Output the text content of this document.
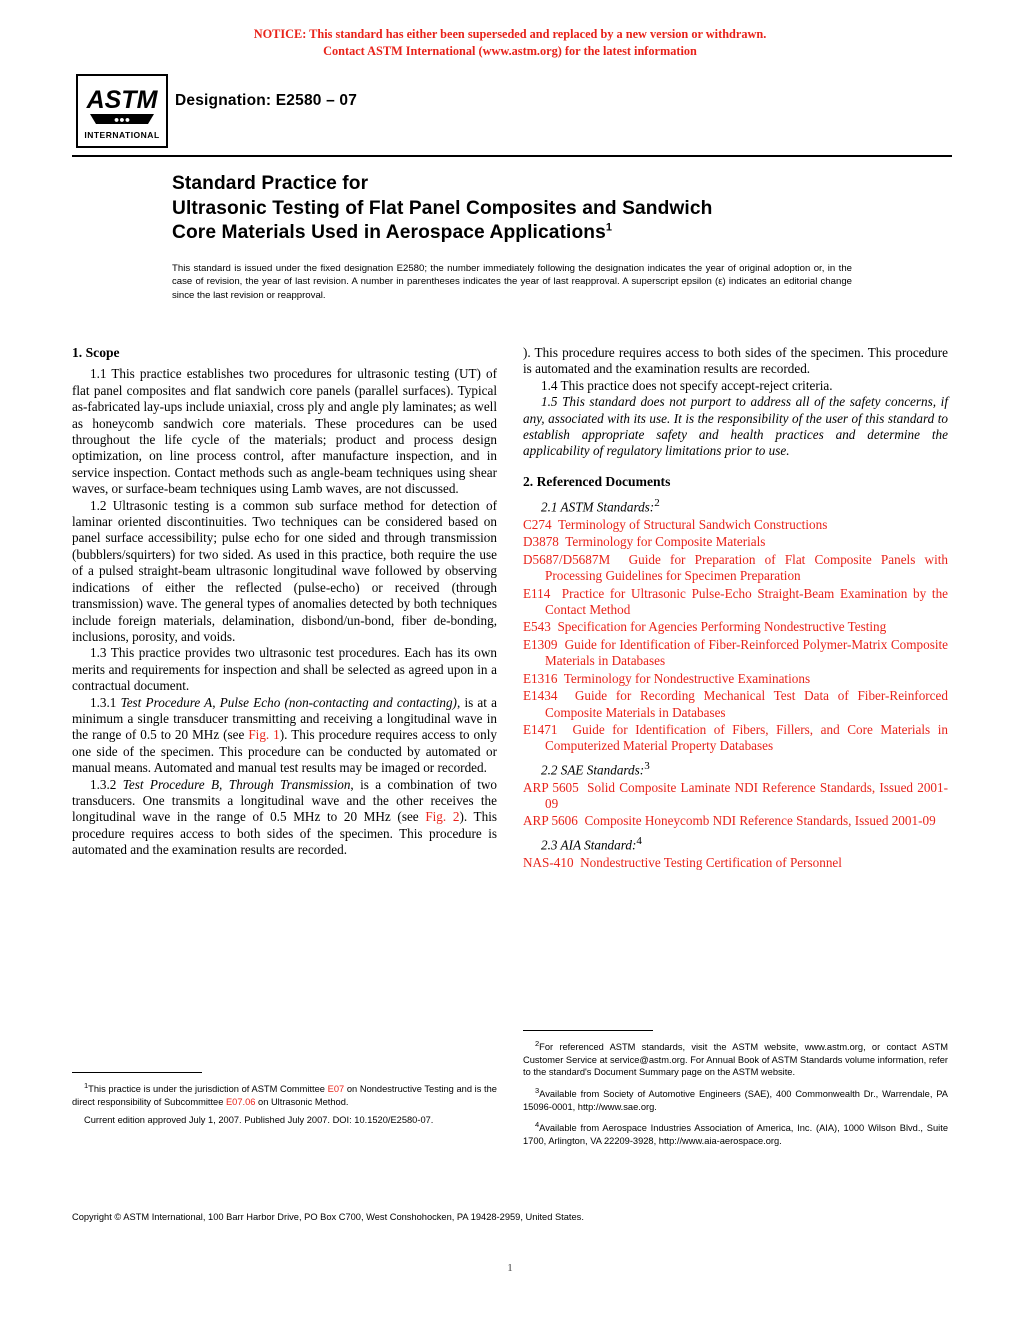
NOTICE: This standard has either been superseded and replaced by a new version or withdrawn.
Contact ASTM International (www.astm.org) for the latest information
ASTM
●●●
INTERNATIONAL
Designation: E2580 – 07
Standard Practice for
Ultrasonic Testing of Flat Panel Composites and Sandwich
Core Materials Used in Aerospace Applications$^1$
This standard is issued under the fixed designation E2580; the number immediately following the designation indicates the year of original adoption or, in the case of revision, the year of last revision. A number in parentheses indicates the year of last reapproval. A superscript epsilon (ε) indicates an editorial change since the last revision or reapproval.
1. Scope

1.1 This practice establishes two procedures for ultrasonic testing (UT) of flat panel composites and flat sandwich core panels (parallel surfaces). Typical as-fabricated lay-ups include uniaxial, cross ply and angle ply laminates; as well as honeycomb sandwich core materials. These procedures can be used throughout the life cycle of the materials; product and process design optimization, on line process control, after manufacture inspection, and in service inspection. Contact methods such as angle-beam techniques using shear waves, or surface-beam techniques using Lamb waves, are not discussed.

1.2 Ultrasonic testing is a common sub surface method for detection of laminar oriented discontinuities. Two techniques can be considered based on panel surface accessibility; pulse echo for one sided and through transmission (bubblers/squirters) for two sided. As used in this practice, both require the use of a pulsed straight-beam ultrasonic longitudinal wave followed by observing indications of either the reflected (pulse-echo) or received (through transmission) wave. The general types of anomalies detected by both techniques include foreign materials, delamination, disbond/un-bond, fiber de-bonding, inclusions, porosity, and voids.

1.3 This practice provides two ultrasonic test procedures. Each has its own merits and requirements for inspection and shall be selected as agreed upon in a contractual document.

1.3.1 Test Procedure A, Pulse Echo (non-contacting and contacting), is at a minimum a single transducer transmitting and receiving a longitudinal wave in the range of 0.5 to 20 MHz (see Fig. 1). This procedure requires access to only one side of the specimen. This procedure can be conducted by automated or manual means. Automated and manual test results may be imaged or recorded.

1.3.2 Test Procedure B, Through Transmission, is a combination of two transducers. One transmits a longitudinal wave and the other receives the longitudinal wave in the range of 0.5 MHz to 20 MHz (see Fig. 2). This procedure requires access to both sides of the specimen. This procedure is automated and the examination results are recorded.

). This procedure requires access to both sides of the specimen. This procedure is automated and the examination results are recorded.

1.4 This practice does not specify accept-reject criteria.

1.5 This standard does not purport to address all of the safety concerns, if any, associated with its use. It is the responsibility of the user of this standard to establish appropriate safety and health practices and determine the applicability of regulatory limitations prior to use.

2. Referenced Documents
2.1 ASTM Standards:$^2$
C274 Terminology of Structural Sandwich Constructions
D3878 Terminology for Composite Materials
D5687/D5687M Guide for Preparation of Flat Composite Panels with Processing Guidelines for Specimen Preparation
E114 Practice for Ultrasonic Pulse-Echo Straight-Beam Examination by the Contact Method
E543 Specification for Agencies Performing Nondestructive Testing
E1309 Guide for Identification of Fiber-Reinforced Polymer-Matrix Composite Materials in Databases
E1316 Terminology for Nondestructive Examinations
E1434 Guide for Recording Mechanical Test Data of Fiber-Reinforced Composite Materials in Databases
E1471 Guide for Identification of Fibers, Fillers, and Core Materials in Computerized Material Property Databases
2.2 SAE Standards:$^3$
ARP 5605 Solid Composite Laminate NDI Reference Standards, Issued 2001-09
ARP 5606 Composite Honeycomb NDI Reference Standards, Issued 2001-09
2.3 AIA Standard:$^4$
NAS-410 Nondestructive Testing Certification of Personnel

$^1$This practice is under the jurisdiction of ASTM Committee E07 on Nondestructive Testing and is the direct responsibility of Subcommittee E07.06 on Ultrasonic Method.

Current edition approved July 1, 2007. Published July 2007. DOI: 10.1520/E2580-07.

$^2$For referenced ASTM standards, visit the ASTM website, www.astm.org, or contact ASTM Customer Service at service@astm.org. For Annual Book of ASTM Standards volume information, refer to the standard's Document Summary page on the ASTM website.

$^3$Available from Society of Automotive Engineers (SAE), 400 Commonwealth Dr., Warrendale, PA 15096-0001, http://www.sae.org.

$^4$Available from Aerospace Industries Association of America, Inc. (AIA), 1000 Wilson Blvd., Suite 1700, Arlington, VA 22209-3928, http://www.aia-aerospace.org.

Copyright © ASTM International, 100 Barr Harbor Drive, PO Box C700, West Conshohocken, PA 19428-2959, United States.
1
